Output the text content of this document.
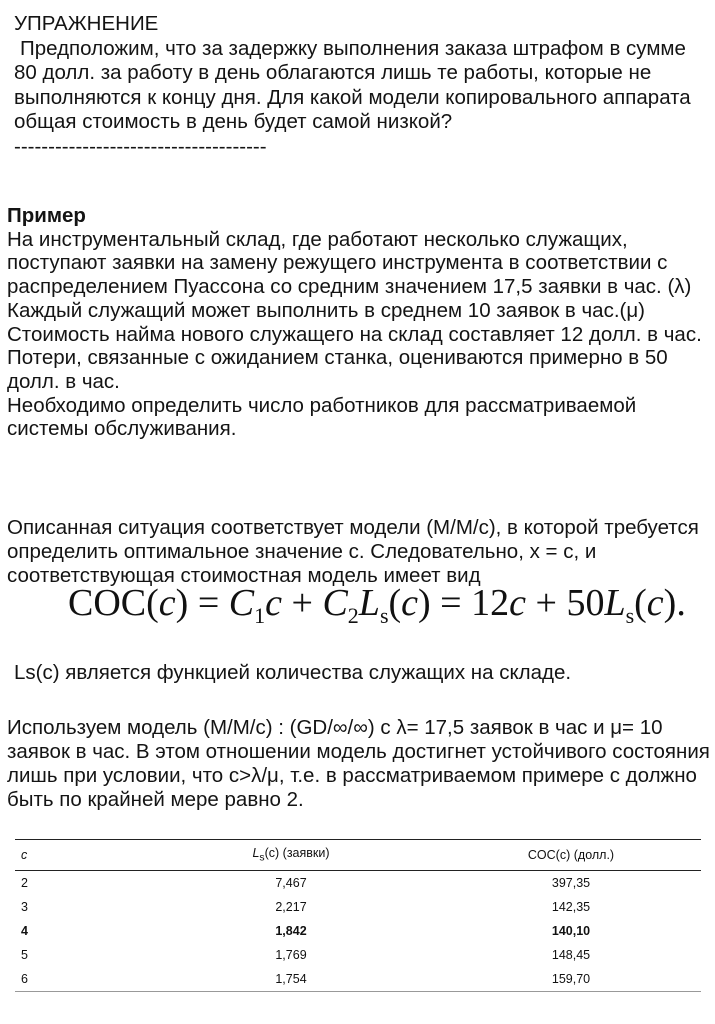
УПРАЖНЕНИЕ
Предположим, что за задержку выполнения заказа штрафом в сумме 80 долл. за работу в день облагаются лишь те работы, которые не выполняются к концу дня. Для какой модели копировального аппарата общая стоимость в день будет самой низкой?
-------------------------------------
Пример
На инструментальный склад, где работают несколько служащих, поступают заявки на замену режущего инструмента в соответствии с распределением Пуассона со средним значением 17,5 заявки в час. (λ) Каждый служащий может выполнить в среднем 10 заявок в час.(μ)
Стоимость найма нового служащего на склад составляет 12 долл. в час. Потери, связанные с ожиданием станка, оцениваются примерно в 50 долл. в час.
Необходимо определить число работников для рассматриваемой системы обслуживания.
Описанная ситуация соответствует модели (M/M/c), в которой требуется определить оптимальное значение с. Следовательно, x = с, и соответствующая стоимостная модель имеет вид
$COC(c) = C_1c + C_2L_s(c) = 12c + 50L_s(c)$.
Ls(c) является функцией количества служащих на складе.
Используем модель (M/M/c) : (GD/∞/∞) с λ= 17,5 заявок в час и μ= 10 заявок в час. В этом отношении модель достигнет устойчивого состояния лишь при условии, что с>λ/μ, т.е. в рассматриваемом примере с должно быть по крайней мере равно 2.
c	$L_s(c)$ (заявки)	COC(c) (долл.)
2	7,467	397,35
3	2,217	142,35
4	1,842	140,10
5	1,769	148,45
6	1,754	159,70
